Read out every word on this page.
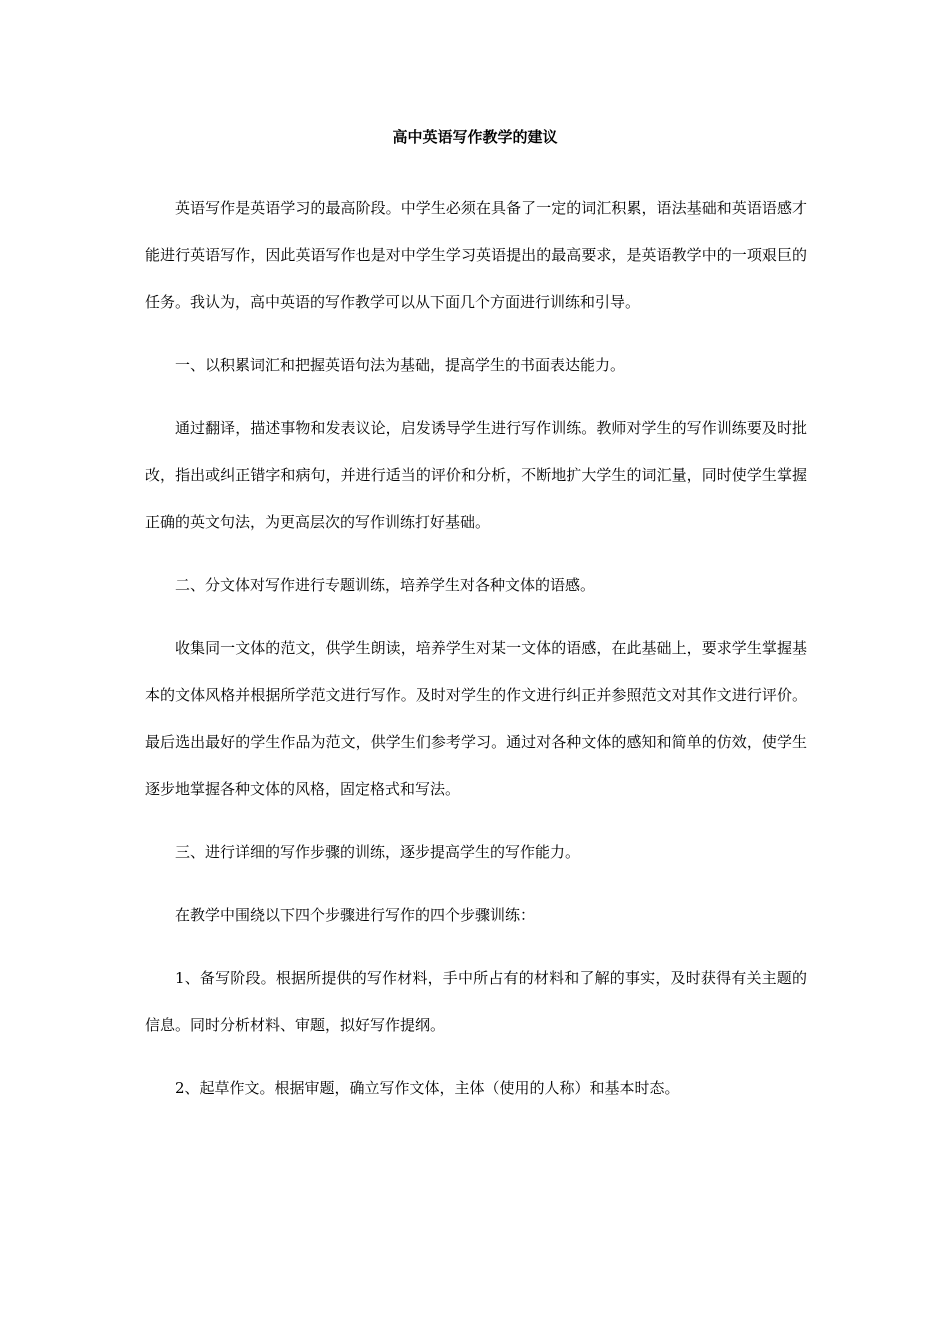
高中英语写作教学的建议

英语写作是英语学习的最高阶段。中学生必须在具备了一定的词汇积累，语法基础和英语语感才能进行英语写作，因此英语写作也是对中学生学习英语提出的最高要求，是英语教学中的一项艰巨的任务。我认为，高中英语的写作教学可以从下面几个方面进行训练和引导。

一、以积累词汇和把握英语句法为基础，提高学生的书面表达能力。

通过翻译，描述事物和发表议论，启发诱导学生进行写作训练。教师对学生的写作训练要及时批改，指出或纠正错字和病句，并进行适当的评价和分析，不断地扩大学生的词汇量，同时使学生掌握正确的英文句法，为更高层次的写作训练打好基础。

二、分文体对写作进行专题训练，培养学生对各种文体的语感。

收集同一文体的范文，供学生朗读，培养学生对某一文体的语感，在此基础上，要求学生掌握基本的文体风格并根据所学范文进行写作。及时对学生的作文进行纠正并参照范文对其作文进行评价。最后选出最好的学生作品为范文，供学生们参考学习。通过对各种文体的感知和简单的仿效，使学生逐步地掌握各种文体的风格，固定格式和写法。

三、进行详细的写作步骤的训练，逐步提高学生的写作能力。

在教学中围绕以下四个步骤进行写作的四个步骤训练：

1、备写阶段。根据所提供的写作材料，手中所占有的材料和了解的事实，及时获得有关主题的信息。同时分析材料、审题，拟好写作提纲。

2、起草作文。根据审题，确立写作文体，主体（使用的人称）和基本时态。
